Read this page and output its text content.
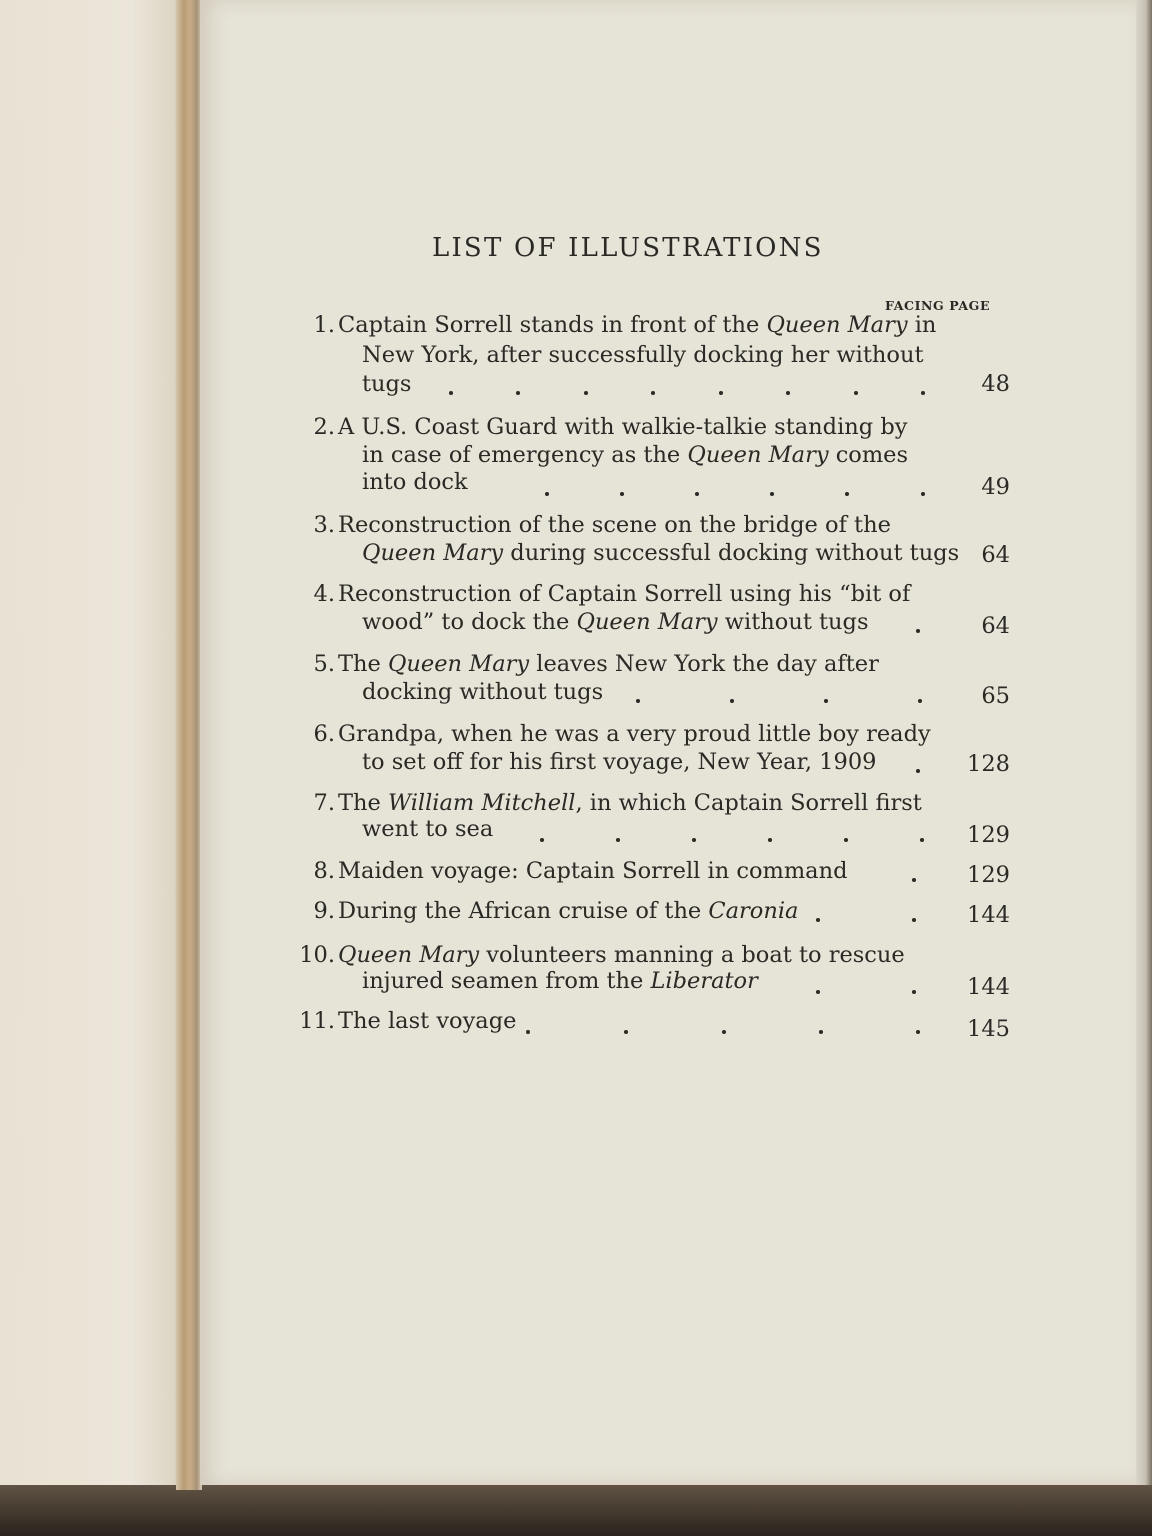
LIST OF ILLUSTRATIONS
FACING PAGE
1. Captain Sorrell stands in front of the Queen Mary in
New York, after successfully docking her without
tugs	48
2. A U.S. Coast Guard with walkie-talkie standing by
in case of emergency as the Queen Mary comes
into dock	49
3. Reconstruction of the scene on the bridge of the
Queen Mary during successful docking without tugs 64
4. Reconstruction of Captain Sorrell using his “bit of
wood” to dock the Queen Mary without tugs	64
5. The Queen Mary leaves New York the day after
docking without tugs	65
6. Grandpa, when he was a very proud little boy ready
to set off for his first voyage, New Year, 1909	128
7. The William Mitchell, in which Captain Sorrell first
went to sea	129
8. Maiden voyage: Captain Sorrell in command	129
9. During the African cruise of the Caronia	144
10. Queen Mary volunteers manning a boat to rescue
injured seamen from the Liberator	144
11. The last voyage	145
